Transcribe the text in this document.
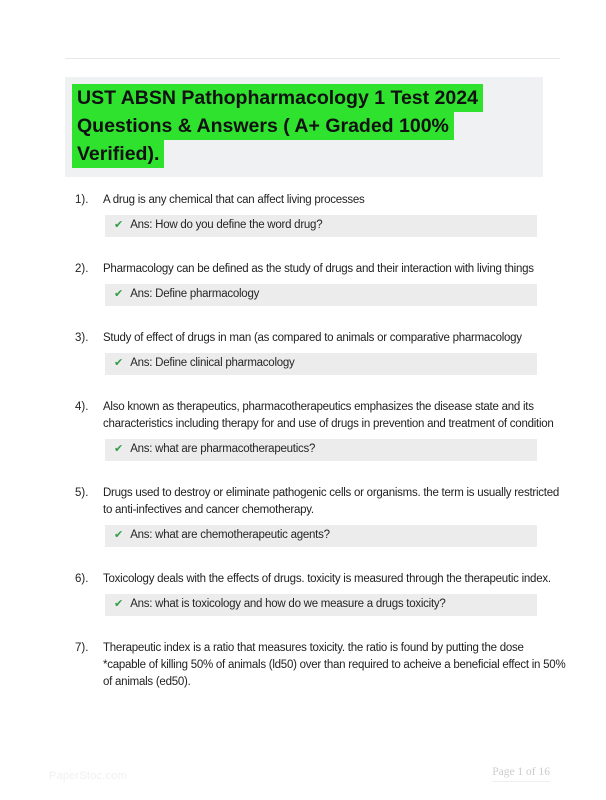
UST ABSN Pathopharmacology 1 Test 2024 Questions & Answers ( A+ Graded 100% Verified).
1).	A drug is any chemical that can affect living processes
✔ Ans: How do you define the word drug?
2).	Pharmacology can be defined as the study of drugs and their interaction with living things
✔ Ans: Define pharmacology
3).	Study of effect of drugs in man (as compared to animals or comparative pharmacology
✔ Ans: Define clinical pharmacology
4).	Also known as therapeutics, pharmacotherapeutics emphasizes the disease state and its characteristics including therapy for and use of drugs in prevention and treatment of condition
✔ Ans: what are pharmacotherapeutics?
5).	Drugs used to destroy or eliminate pathogenic cells or organisms. the term is usually restricted to anti-infectives and cancer chemotherapy.
✔ Ans: what are chemotherapeutic agents?
6).	Toxicology deals with the effects of drugs. toxicity is measured through the therapeutic index.
✔ Ans: what is toxicology and how do we measure a drugs toxicity?
7).	Therapeutic index is a ratio that measures toxicity. the ratio is found by putting the dose *capable of killing 50% of animals (ld50) over than required to acheive a beneficial effect in 50% of animals (ed50).
PaperStoc.com	Page 1 of 16
